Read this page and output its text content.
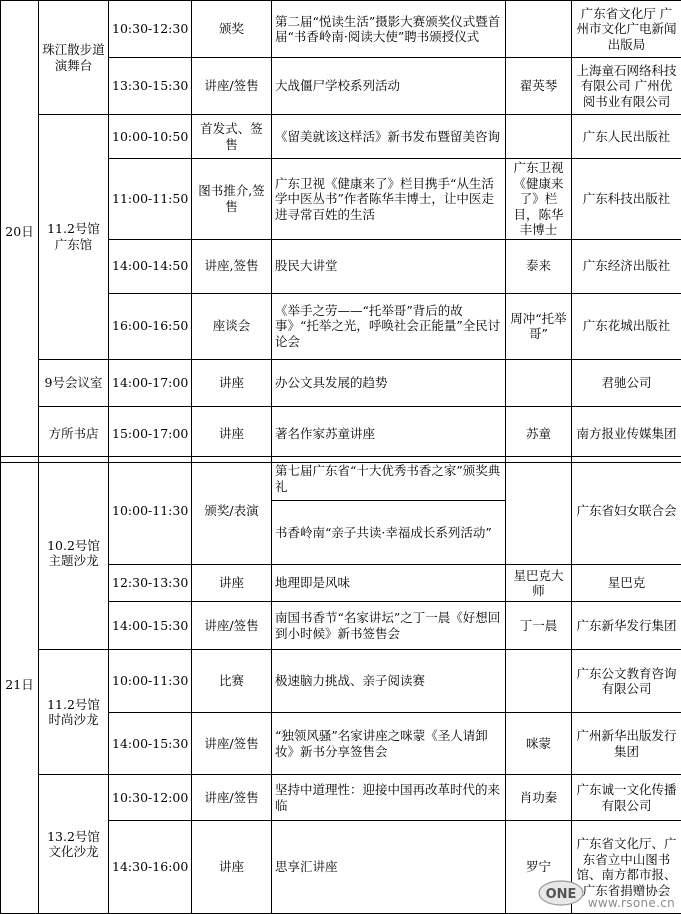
20日	珠江散步道演舞台	10:30-12:30	颁奖	第二届“悦读生活”摄影大赛颁奖仪式暨首届“书香岭南·阅读大使”聘书颁授仪式		广东省文化厅 广州市文化广电新闻出版局
		13:30-15:30	讲座/签售	大战僵尸学校系列活动	翟英琴	上海童石网络科技有限公司 广州优阅书业有限公司
	11.2号馆广东馆	10:00-10:50	首发式、签售	《留美就该这样活》新书发布暨留美咨询		广东人民出版社
		11:00-11:50	图书推介,签售	广东卫视《健康来了》栏目携手“从生活学中医丛书”作者陈华丰博士，让中医走进寻常百姓的生活	广东卫视《健康来了》栏目，陈华丰博士	广东科技出版社
		14:00-14:50	讲座,签售	股民大讲堂	泰来	广东经济出版社
		16:00-16:50	座谈会	《举手之劳——“托举哥”背后的故事》“托举之光，呼唤社会正能量”全民讨论会	周冲“托举哥”	广东花城出版社
	9号会议室	14:00-17:00	讲座	办公文具发展的趋势		君驰公司
	方所书店	15:00-17:00	讲座	著名作家苏童讲座	苏童	南方报业传媒集团
21日	10.2号馆主题沙龙	10:00-11:30	颁奖/表演	第七届广东省“十大优秀书香之家”颁奖典礼		广东省妇女联合会
				书香岭南“亲子共读·幸福成长系列活动”		
		12:30-13:30	讲座	地理即是风味	星巴克大师	星巴克
		14:00-15:30	讲座/签售	南国书香节“名家讲坛”之丁一晨《好想回到小时候》新书签售会	丁一晨	广东新华发行集团
	11.2号馆时尚沙龙	10:00-11:30	比赛	极速脑力挑战、亲子阅读赛		广东公文教育咨询有限公司
		14:00-15:30	讲座/签售	“独领风骚”名家讲座之咪蒙《圣人请卸妆》新书分享签售会	咪蒙	广州新华出版发行集团
	13.2号馆文化沙龙	10:30-12:00	讲座/签售	坚持中道理性：迎接中国再改革时代的来临	肖功秦	广东诚一文化传播有限公司
		14:30-16:00	讲座	思享汇讲座	罗宁	广东省文化厅、广东省立中山图书馆、南方都市报、广东省捐赠协会
ONE
www.rsone.cn
